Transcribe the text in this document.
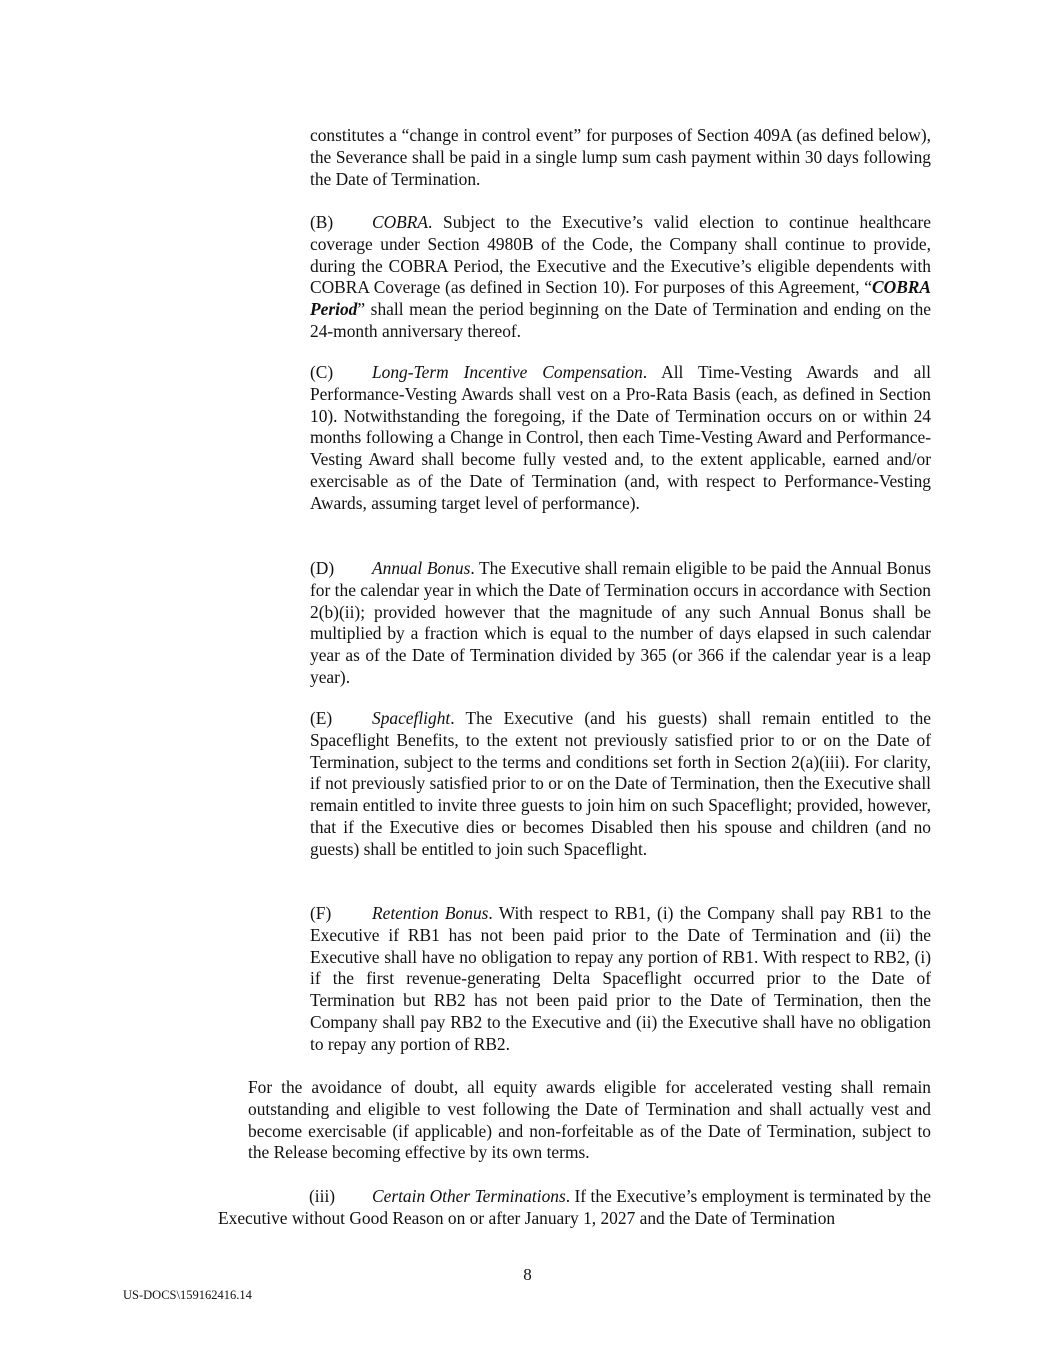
constitutes a “change in control event” for purposes of Section 409A (as defined below), the Severance shall be paid in a single lump sum cash payment within 30 days following the Date of Termination.

(B) COBRA. Subject to the Executive’s valid election to continue healthcare coverage under Section 4980B of the Code, the Company shall continue to provide, during the COBRA Period, the Executive and the Executive’s eligible dependents with COBRA Coverage (as defined in Section 10). For purposes of this Agreement, “COBRA Period” shall mean the period beginning on the Date of Termination and ending on the 24-month anniversary thereof.

(C) Long-Term Incentive Compensation. All Time-Vesting Awards and all Performance-Vesting Awards shall vest on a Pro-Rata Basis (each, as defined in Section 10). Notwithstanding the foregoing, if the Date of Termination occurs on or within 24 months following a Change in Control, then each Time-Vesting Award and Performance-Vesting Award shall become fully vested and, to the extent applicable, earned and/or exercisable as of the Date of Termination (and, with respect to Performance-Vesting Awards, assuming target level of performance).

(D) Annual Bonus. The Executive shall remain eligible to be paid the Annual Bonus for the calendar year in which the Date of Termination occurs in accordance with Section 2(b)(ii); provided however that the magnitude of any such Annual Bonus shall be multiplied by a fraction which is equal to the number of days elapsed in such calendar year as of the Date of Termination divided by 365 (or 366 if the calendar year is a leap year).

(E) Spaceflight. The Executive (and his guests) shall remain entitled to the Spaceflight Benefits, to the extent not previously satisfied prior to or on the Date of Termination, subject to the terms and conditions set forth in Section 2(a)(iii). For clarity, if not previously satisfied prior to or on the Date of Termination, then the Executive shall remain entitled to invite three guests to join him on such Spaceflight; provided, however, that if the Executive dies or becomes Disabled then his spouse and children (and no guests) shall be entitled to join such Spaceflight.

(F) Retention Bonus. With respect to RB1, (i) the Company shall pay RB1 to the Executive if RB1 has not been paid prior to the Date of Termination and (ii) the Executive shall have no obligation to repay any portion of RB1. With respect to RB2, (i) if the first revenue-generating Delta Spaceflight occurred prior to the Date of Termination but RB2 has not been paid prior to the Date of Termination, then the Company shall pay RB2 to the Executive and (ii) the Executive shall have no obligation to repay any portion of RB2.

For the avoidance of doubt, all equity awards eligible for accelerated vesting shall remain outstanding and eligible to vest following the Date of Termination and shall actually vest and become exercisable (if applicable) and non-forfeitable as of the Date of Termination, subject to the Release becoming effective by its own terms.

(iii) Certain Other Terminations. If the Executive’s employment is terminated by the Executive without Good Reason on or after January 1, 2027 and the Date of Termination

8
US-DOCS\159162416.14
